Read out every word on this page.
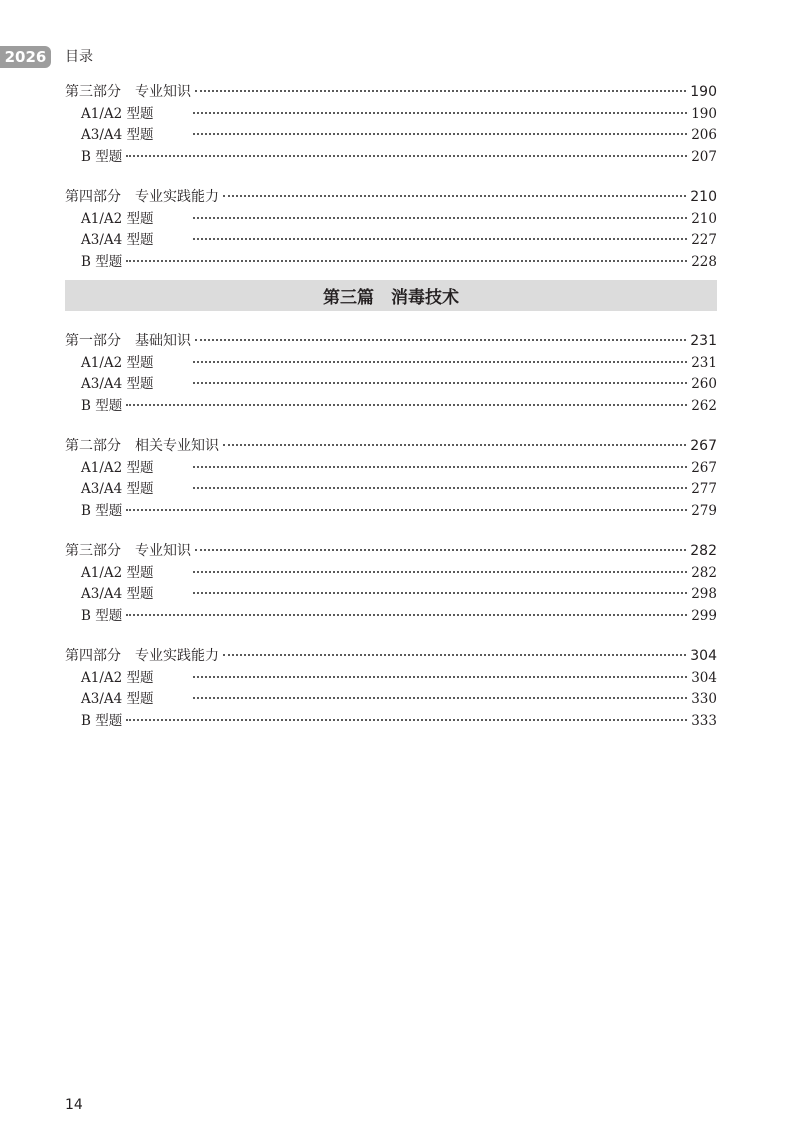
2026	目录
第三部分　专业知识	190
A1/A2 型题	190
A3/A4 型题	206
B 型题	207
第四部分　专业实践能力	210
A1/A2 型题	210
A3/A4 型题	227
B 型题	228
第三篇　消毒技术
第一部分　基础知识	231
A1/A2 型题	231
A3/A4 型题	260
B 型题	262
第二部分　相关专业知识	267
A1/A2 型题	267
A3/A4 型题	277
B 型题	279
第三部分　专业知识	282
A1/A2 型题	282
A3/A4 型题	298
B 型题	299
第四部分　专业实践能力	304
A1/A2 型题	304
A3/A4 型题	330
B 型题	333
14
